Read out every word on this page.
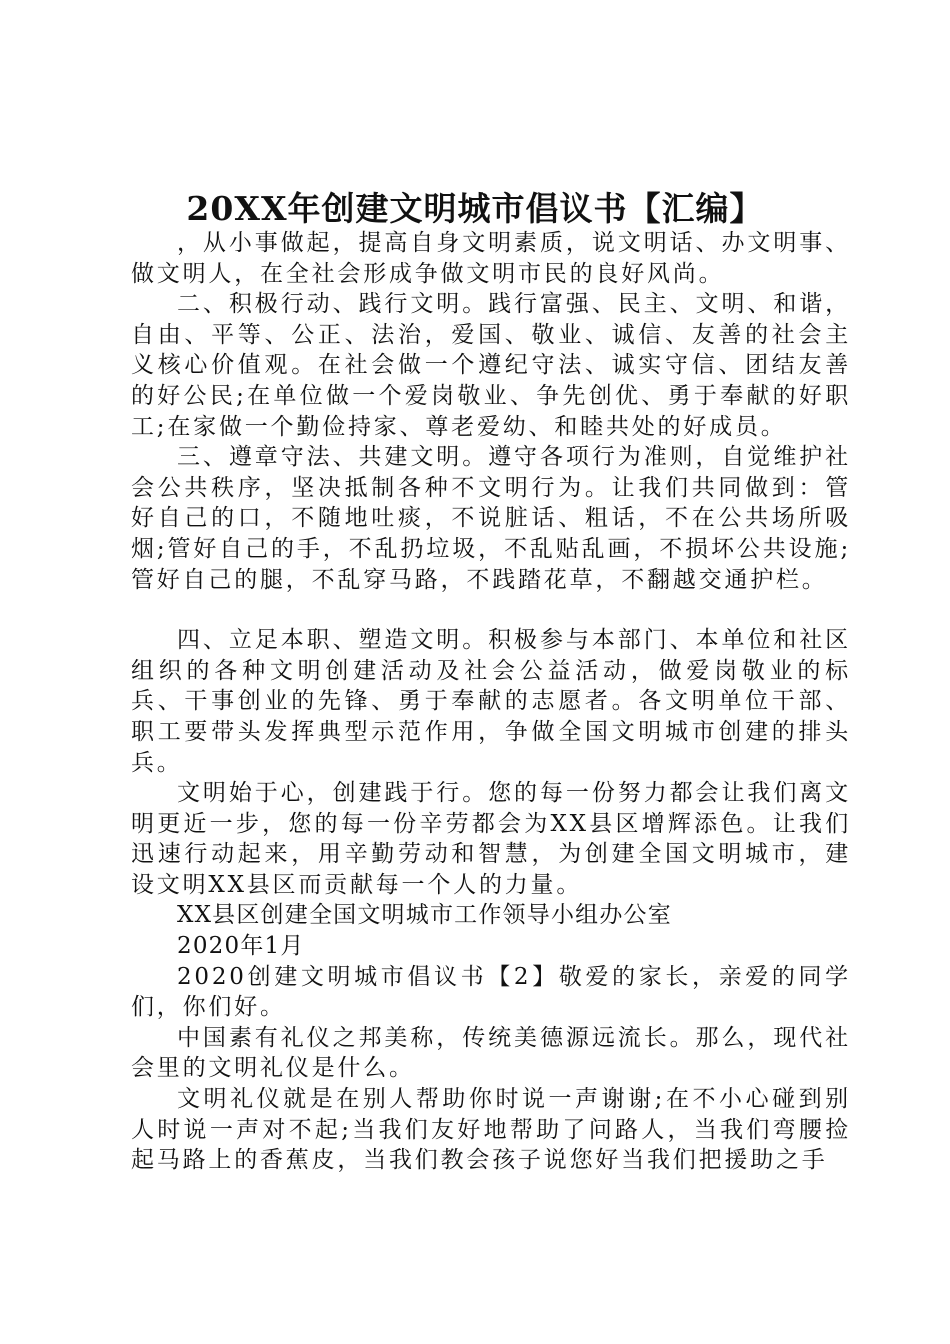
20XX年创建文明城市倡议书【汇编】

，从小事做起，提高自身文明素质，说文明话、办文明事、做文明人，在全社会形成争做文明市民的良好风尚。

二、积极行动、践行文明。践行富强、民主、文明、和谐，自由、平等、公正、法治，爱国、敬业、诚信、友善的社会主义核心价值观。在社会做一个遵纪守法、诚实守信、团结友善的好公民;在单位做一个爱岗敬业、争先创优、勇于奉献的好职工;在家做一个勤俭持家、尊老爱幼、和睦共处的好成员。

三、遵章守法、共建文明。遵守各项行为准则，自觉维护社会公共秩序，坚决抵制各种不文明行为。让我们共同做到：管好自己的口，不随地吐痰，不说脏话、粗话，不在公共场所吸烟;管好自己的手，不乱扔垃圾，不乱贴乱画，不损坏公共设施;管好自己的腿，不乱穿马路，不践踏花草，不翻越交通护栏。

四、立足本职、塑造文明。积极参与本部门、本单位和社区组织的各种文明创建活动及社会公益活动，做爱岗敬业的标兵、干事创业的先锋、勇于奉献的志愿者。各文明单位干部、职工要带头发挥典型示范作用，争做全国文明城市创建的排头兵。

文明始于心，创建践于行。您的每一份努力都会让我们离文明更近一步，您的每一份辛劳都会为XX县区增辉添色。让我们迅速行动起来，用辛勤劳动和智慧，为创建全国文明城市，建设文明XX县区而贡献每一个人的力量。

XX县区创建全国文明城市工作领导小组办公室

2020年1月

2020创建文明城市倡议书【2】敬爱的家长，亲爱的同学们，你们好。

中国素有礼仪之邦美称，传统美德源远流长。那么，现代社会里的文明礼仪是什么。

文明礼仪就是在别人帮助你时说一声谢谢;在不小心碰到别人时说一声对不起;当我们友好地帮助了问路人，当我们弯腰捡起马路上的香蕉皮，当我们教会孩子说您好当我们把援助之手
